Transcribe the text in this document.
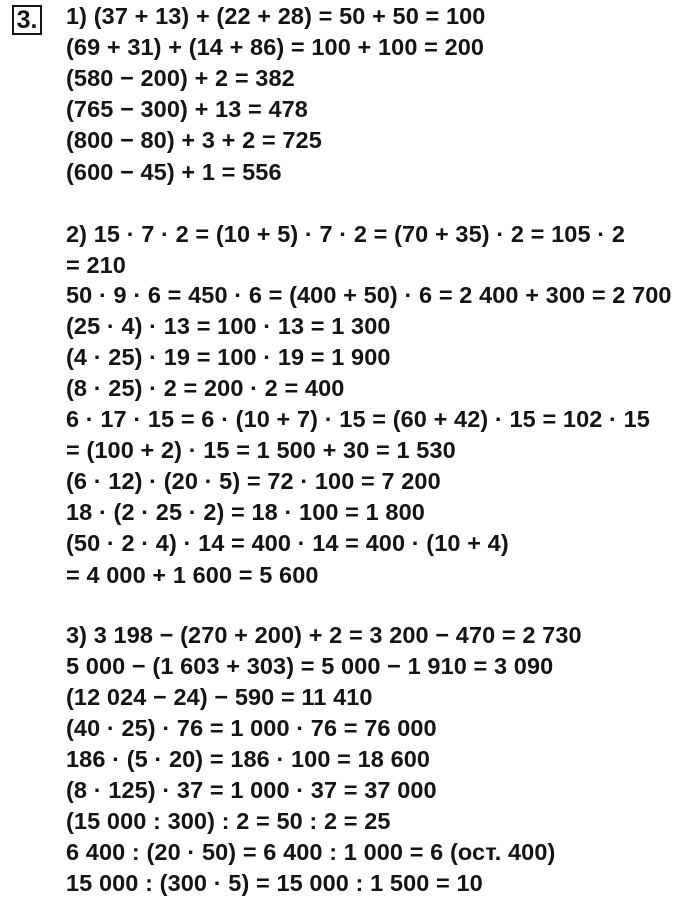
3. 1) (37 + 13) + (22 + 28) = 50 + 50 = 100
(69 + 31) + (14 + 86) = 100 + 100 = 200
(580 − 200) + 2 = 382
(765 − 300) + 13 = 478
(800 − 80) + 3 + 2 = 725
(600 − 45) + 1 = 556
2) 15 · 7 · 2 = (10 + 5) · 7 · 2 = (70 + 35) · 2 = 105 · 2
= 210
50 · 9 · 6 = 450 · 6 = (400 + 50) · 6 = 2 400 + 300 = 2 700
(25 · 4) · 13 = 100 · 13 = 1 300
(4 · 25) · 19 = 100 · 19 = 1 900
(8 · 25) · 2 = 200 · 2 = 400
6 · 17 · 15 = 6 · (10 + 7) · 15 = (60 + 42) · 15 = 102 · 15
= (100 + 2) · 15 = 1 500 + 30 = 1 530
(6 · 12) · (20 · 5) = 72 · 100 = 7 200
18 · (2 · 25 · 2) = 18 · 100 = 1 800
(50 · 2 · 4) · 14 = 400 · 14 = 400 · (10 + 4)
= 4 000 + 1 600 = 5 600
3) 3 198 − (270 + 200) + 2 = 3 200 − 470 = 2 730
5 000 − (1 603 + 303) = 5 000 − 1 910 = 3 090
(12 024 − 24) − 590 = 11 410
(40 · 25) · 76 = 1 000 · 76 = 76 000
186 · (5 · 20) = 186 · 100 = 18 600
(8 · 125) · 37 = 1 000 · 37 = 37 000
(15 000 : 300) : 2 = 50 : 2 = 25
6 400 : (20 · 50) = 6 400 : 1 000 = 6 (ост. 400)
15 000 : (300 · 5) = 15 000 : 1 500 = 10
